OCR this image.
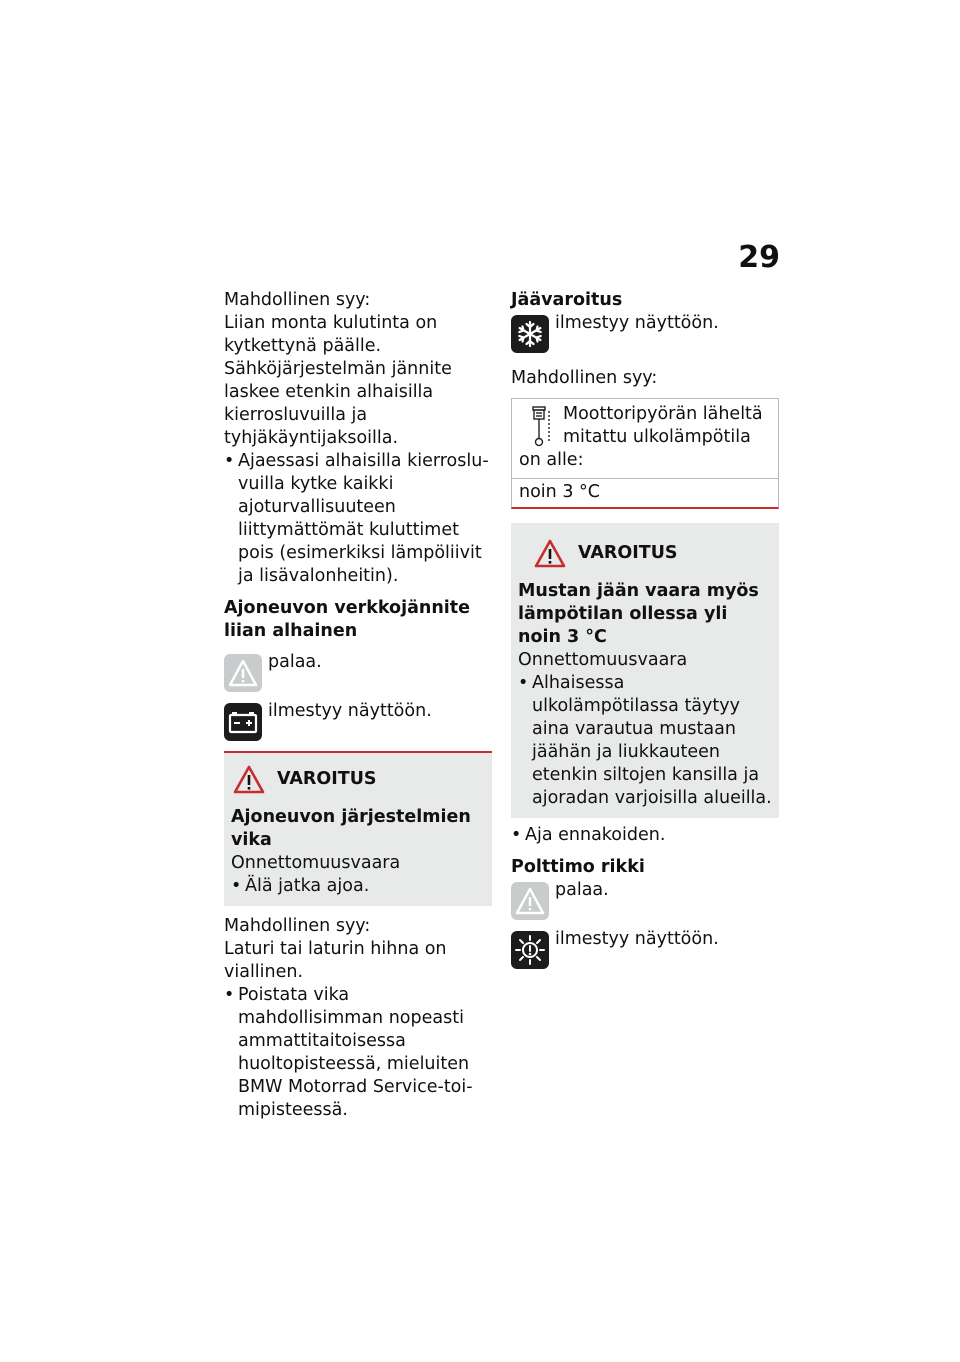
29

Mahdollinen syy:

Liian monta kulutinta on kytkettynä päälle. Sähköjärjestelmän jännite laskee etenkin alhaisilla kierrosluvuilla ja tyhjäkäyntijaksoilla.

• Ajaessasi alhaisilla kierrosluvuilla kytke kaikki ajoturvallisuuteen liittymättömät kuluttimet pois (esimerkiksi lämpöliivit ja lisävalonheitin).

Ajoneuvon verkkojännite liian alhainen

palaa.
ilmestyy näyttöön.
VAROITUS

Ajoneuvon järjestelmien vika

Onnettomuusvaara

• Älä jatka ajoa.

Mahdollinen syy:

Laturi tai laturin hihna on viallinen.

• Poistata vika mahdollisimman nopeasti ammattitaitoisessa huoltopisteessä, mieluiten BMW Motorrad Service-toimipisteessä.

Jäävaroitus

ilmestyy näyttöön.

Mahdollinen syy:

Moottoripyörän läheltä mitattu ulkolämpötila on alle:
noin 3 °C
VAROITUS

Mustan jään vaara myös lämpötilan ollessa yli noin 3 °C

Onnettomuusvaara

• Alhaisessa ulkolämpötilassa täytyy aina varautua mustaan jäähän ja liukkauteen etenkin siltojen kansilla ja ajoradan varjoisilla alueilla.
• Aja ennakoiden.

Polttimo rikki

palaa.
ilmestyy näyttöön.
